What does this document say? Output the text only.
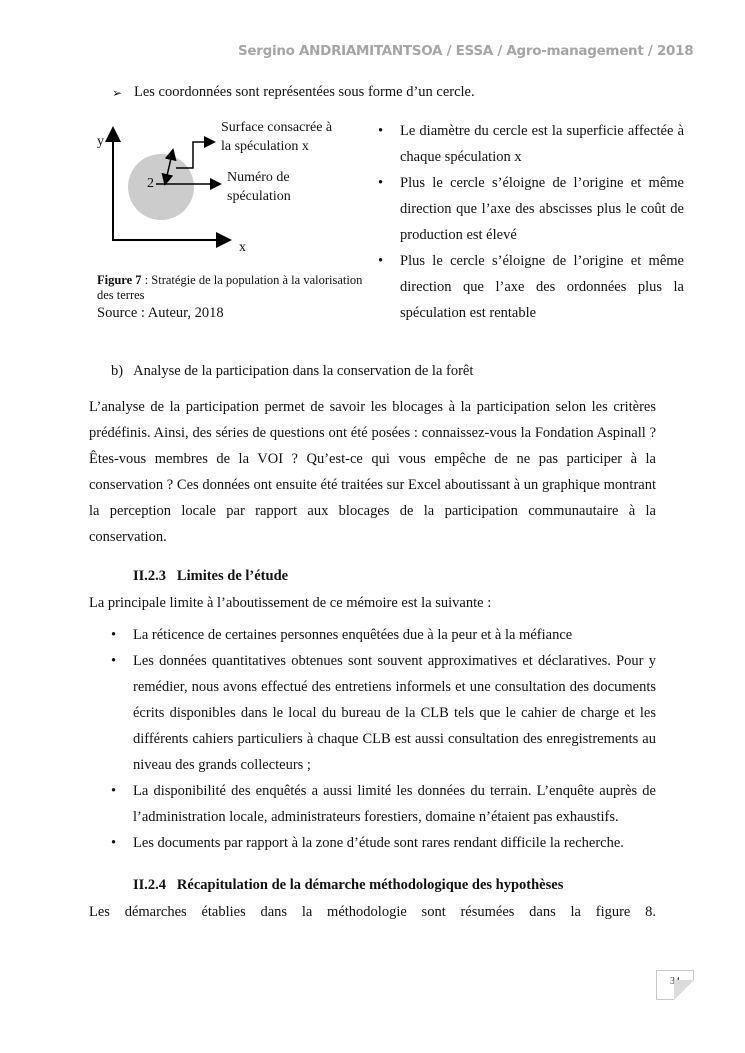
Sergino ANDRIAMITANTSOA / ESSA / Agro-management / 2018
➢ Les coordonnées sont représentées sous forme d’un cercle.
y
x
2
Surface consacrée à
la spéculation x
Numéro de
spéculation
Figure 7 : Stratégie de la population à la valorisation des terres
Source : Auteur, 2018
• Le diamètre du cercle est la superficie affectée à chaque spéculation x
• Plus le cercle s’éloigne de l’origine et même direction que l’axe des abscisses plus le coût de production est élevé
• Plus le cercle s’éloigne de l’origine et même direction que l’axe des ordonnées plus la spéculation est rentable
b)   Analyse de la participation dans la conservation de la forêt
L’analyse de la participation permet de savoir les blocages à la participation selon les critères prédéfinis. Ainsi, des séries de questions ont été posées : connaissez-vous la Fondation Aspinall ? Êtes-vous membres de la VOI ? Qu’est-ce qui vous empêche de ne pas participer à la conservation ? Ces données ont ensuite été traitées sur Excel aboutissant à un graphique montrant la perception locale par rapport aux blocages de la participation communautaire à la conservation.
II.2.3 Limites de l’étude
La principale limite à l’aboutissement de ce mémoire est la suivante :
• La réticence de certaines personnes enquêtées due à la peur et à la méfiance
• Les données quantitatives obtenues sont souvent approximatives et déclaratives. Pour y remédier, nous avons effectué des entretiens informels et une consultation des documents écrits disponibles dans le local du bureau de la CLB tels que le cahier de charge et les différents cahiers particuliers à chaque CLB est aussi consultation des enregistrements au niveau des grands collecteurs ;
• La disponibilité des enquêtés a aussi limité les données du terrain. L’enquête auprès de l’administration locale, administrateurs forestiers, domaine n’étaient pas exhaustifs.
• Les documents par rapport à la zone d’étude sont rares rendant difficile la recherche.
II.2.4 Récapitulation de la démarche méthodologique des hypothèses
Les démarches établies dans la méthodologie sont résumées dans la figure 8.
34
